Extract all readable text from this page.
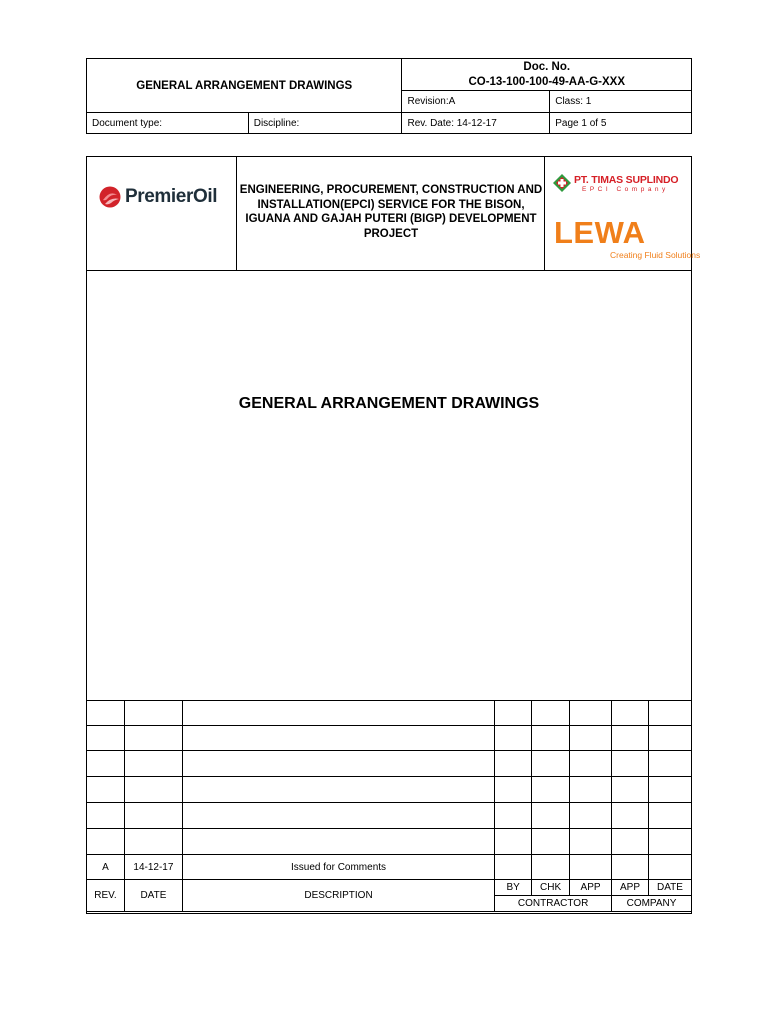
GENERAL ARRANGEMENT DRAWINGS		Doc. No.
CO-13-100-100-49-AA-G-XXX	

		Revision:A	Class: 1
Document type:	Discipline:	Rev. Date: 14-12-17	Page 1 of 5
PremierOil ENGINEERING, PROCUREMENT, CONSTRUCTION AND INSTALLATION(EPCI) SERVICE FOR THE BISON, IGUANA AND GAJAH PUTERI (BIGP) DEVELOPMENT PROJECT
PT. TIMAS SUPLINDO
EPCI Company
LEWA
Creating Fluid Solutions
GENERAL ARRANGEMENT DRAWINGS

A	14-12-17	Issued for Comments					
REV.	DATE	DESCRIPTION	BY	CHK	APP	APP	DATE
			CONTRACTOR			COMPANY	
